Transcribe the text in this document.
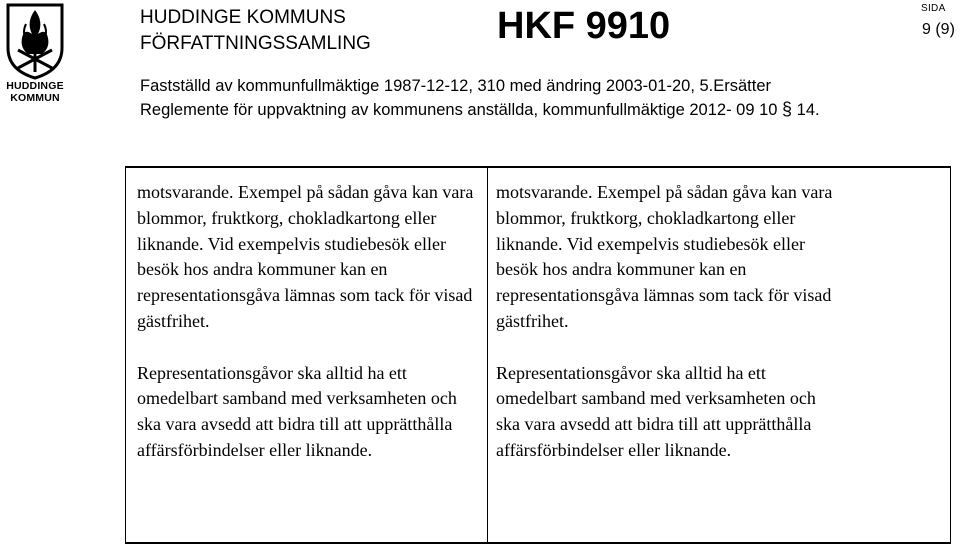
HUDDINGE
KOMMUN
HUDDINGE KOMMUNS
FÖRFATTNINGSSAMLING	HKF 9910	SIDA
9 (9)
Fastställd av kommunfullmäktige 1987-12-12, 310 med ändring 2003-01-20, 5.Ersätter
Reglemente för uppvaktning av kommunens anställda, kommunfullmäktige 2012- 09 10 § 14.

motsvarande. Exempel på sådan gåva kan vara blommor, fruktkorg, chokladkartong eller liknande. Vid exempelvis studiebesök eller besök hos andra kommuner kan en representationsgåva lämnas som tack för visad gästfrihet.

Representationsgåvor ska alltid ha ett omedelbart samband med verksamheten och ska vara avsedd att bidra till att upprätthålla affärsförbindelser eller liknande.

motsvarande. Exempel på sådan gåva kan vara blommor, fruktkorg, chokladkartong eller liknande. Vid exempelvis studiebesök eller besök hos andra kommuner kan en representationsgåva lämnas som tack för visad gästfrihet.

Representationsgåvor ska alltid ha ett omedelbart samband med verksamheten och ska vara avsedd att bidra till att upprätthålla affärsförbindelser eller liknande.
